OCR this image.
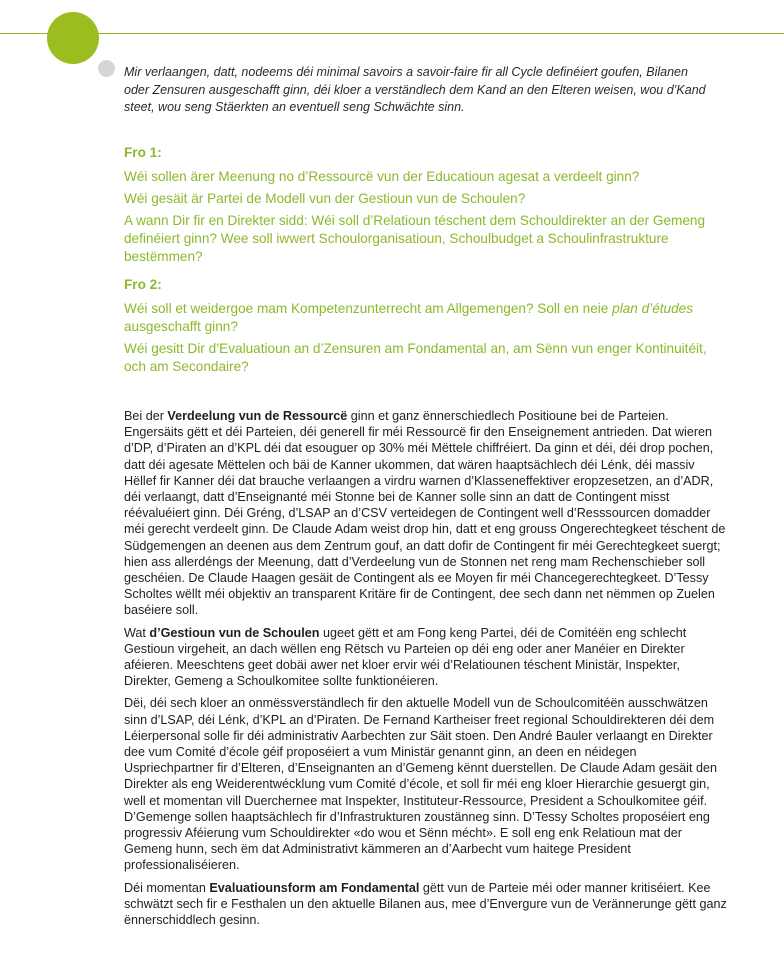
Mir verlaangen, datt, nodeems déi minimal savoirs a savoir-faire fir all Cycle definéiert goufen, Bilanen oder Zensuren ausgeschafft ginn, déi kloer a verständlech dem Kand an den Elteren weisen, wou d’Kand steet, wou seng Stäerkten an eventuell seng Schwächte sinn.

Fro 1:

Wéi sollen ärer Meenung no d’Ressourcë vun der Educatioun agesat a verdeelt ginn?

Wéi gesäit är Partei de Modell vun der Gestioun vun de Schoulen?

A wann Dir fir en Direkter sidd: Wéi soll d’Relatioun téschent dem Schouldirekter an der Gemeng definéiert ginn? Wee soll iwwert Schoulorganisatioun, Schoulbudget a Schoulinfrastrukture bestëmmen?

Fro 2:

Wéi soll et weidergoe mam Kompetenzunterrecht am Allgemengen? Soll en neie plan d’études ausgeschafft ginn?

Wéi gesitt Dir d’Evaluatioun an d’Zensuren am Fondamental an, am Sënn vun enger Kontinuitéit, och am Secondaire?

Bei der Verdeelung vun de Ressourcë ginn et ganz ënnerschiedlech Positioune bei de Parteien. Engersäits gëtt et déi Parteien, déi generell fir méi Ressourcë fir den Enseignement antrieden. Dat wieren d’DP, d’Piraten an d’KPL déi dat esouguer op 30% méi Mëttele chiffréiert. Da ginn et déi, déi drop pochen, datt déi agesate Mëttelen och bäi de Kanner ukommen, dat wären haaptsächlech déi Lénk, déi massiv Hëllef fir Kanner déi dat brauche verlaangen a virdru warnen d’Klasseneffektiver eropzesetzen, an d’ADR, déi verlaangt, datt d’Enseignanté méi Stonne bei de Kanner solle sinn an datt de Contingent misst réévaluéiert ginn. Déi Gréng, d’LSAP an d’CSV verteidegen de Contingent well d’Resssourcen domadder méi gerecht verdeelt ginn. De Claude Adam weist drop hin, datt et eng grouss Ongerechtegkeet téschent de Südgemengen an deenen aus dem Zentrum gouf, an datt dofir de Contingent fir méi Gerechtegkeet suergt; hien ass allerdéngs der Meenung, datt d’Verdeelung vun de Stonnen net reng mam Rechenschieber soll geschéien. De Claude Haagen gesäit de Contingent als ee Moyen fir méi Chancegerechtegkeet. D’Tessy Scholtes wëllt méi objektiv an transparent Kritäre fir de Contingent, dee sech dann net nëmmen op Zuelen baséiere soll.

Wat d’Gestioun vun de Schoulen ugeet gëtt et am Fong keng Partei, déi de Comitéën eng schlecht Gestioun virgeheit, an dach wëllen eng Rëtsch vu Parteien op déi eng oder aner Manéier en Direkter aféieren. Meeschtens geet dobäi awer net kloer ervir wéi d’Relatiounen téschent Ministär, Inspekter, Direkter, Gemeng a Schoulkomitee sollte funktionéieren.

Dëi, déi sech kloer an onmëssverständlech fir den aktuelle Modell vun de Schoulcomitéën ausschwätzen sinn d’LSAP, déi Lénk, d’KPL an d’Piraten. De Fernand Kartheiser freet regional Schouldirekteren déi dem Léierpersonal solle fir déi administrativ Aarbechten zur Säit stoen. Den André Bauler verlaangt en Direkter dee vum Comité d’école géif proposéiert a vum Ministär genannt ginn, an deen en néidegen Uspriechpartner fir d’Elteren, d’Enseignanten an d’Gemeng kënnt duerstellen. De Claude Adam gesäit den Direkter als eng Weiderentwécklung vum Comité d’école, et soll fir méi eng kloer Hierarchie gesuergt gin, well et momentan vill Duerchernee mat Inspekter, Instituteur-Ressource, President a Schoulkomitee géif. D’Gemenge sollen haaptsächlech fir d’Infrastrukturen zoustänneg sinn. D’Tessy Scholtes proposéiert eng progressiv Aféierung vum Schouldirekter «do wou et Sënn mécht». E soll eng enk Relatioun mat der Gemeng hunn, sech ëm dat Administrativt kämmeren an d’Aarbecht vum haitege President professionaliséieren.

Déi momentan Evaluatiounsform am Fondamental gëtt vun de Parteie méi oder manner kritiséiert. Kee schwätzt sech fir e Festhalen un den aktuelle Bilanen aus, mee d’Envergure vun de Verännerunge gëtt ganz ënnerschiddlech gesinn.
